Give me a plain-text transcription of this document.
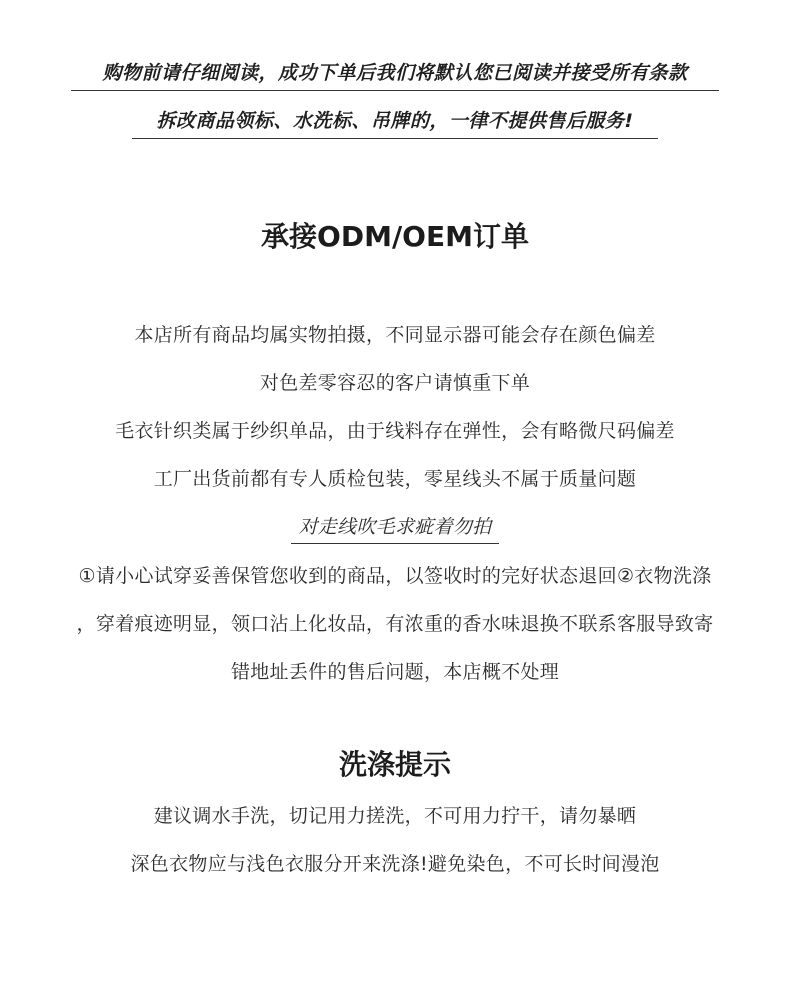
购物前请仔细阅读，成功下单后我们将默认您已阅读并接受所有条款
拆改商品领标、水洗标、吊牌的，一律不提供售后服务!
承接ODM/OEM订单
本店所有商品均属实物拍摄，不同显示器可能会存在颜色偏差
对色差零容忍的客户请慎重下单
毛衣针织类属于纱织单品，由于线料存在弹性，会有略微尺码偏差
工厂出货前都有专人质检包装，零星线头不属于质量问题
对走线吹毛求疵着勿拍
①请小心试穿妥善保管您收到的商品，以签收时的完好状态退回②衣物洗涤
，穿着痕迹明显，领口沾上化妆品，有浓重的香水味退换不联系客服导致寄
错地址丢件的售后问题，本店概不处理
洗涤提示
建议调水手洗，切记用力搓洗，不可用力拧干，请勿暴晒
深色衣物应与浅色衣服分开来洗涤!避免染色，不可长时间漫泡
